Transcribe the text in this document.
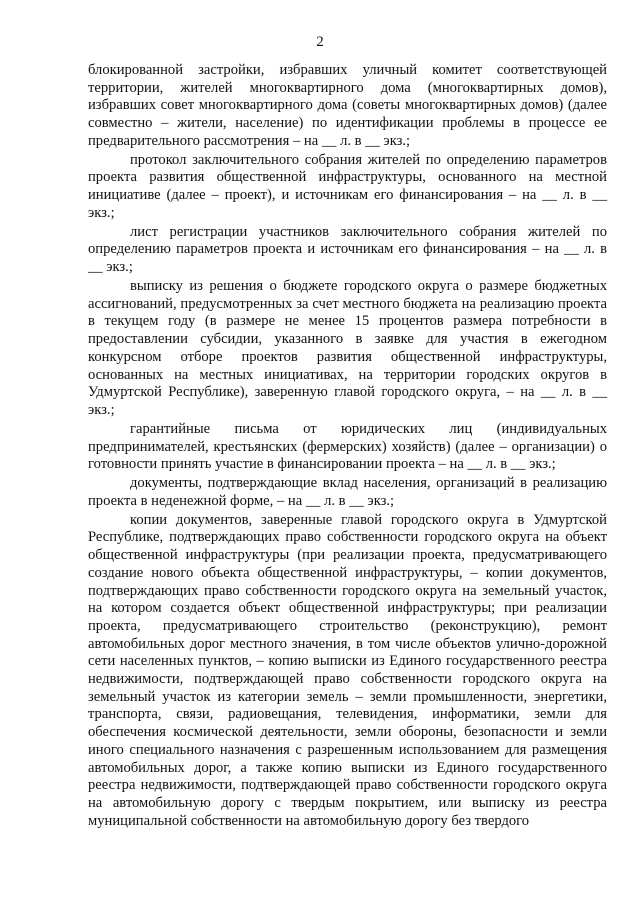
2

блокированной застройки, избравших уличный комитет соответствующей территории, жителей многоквартирного дома (многоквартирных домов), избравших совет многоквартирного дома (советы многоквартирных домов) (далее совместно – жители, население) по идентификации проблемы в процессе ее предварительного рассмотрения – на __ л. в __ экз.;

протокол заключительного собрания жителей по определению параметров проекта развития общественной инфраструктуры, основанного на местной инициативе (далее – проект), и источникам его финансирования – на __ л. в __ экз.;

лист регистрации участников заключительного собрания жителей по определению параметров проекта и источникам его финансирования – на __ л. в __ экз.;

выписку из решения о бюджете городского округа о размере бюджетных ассигнований, предусмотренных за счет местного бюджета на реализацию проекта в текущем году (в размере не менее 15 процентов размера потребности в предоставлении субсидии, указанного в заявке для участия в ежегодном конкурсном отборе проектов развития общественной инфраструктуры, основанных на местных инициативах, на территории городских округов в Удмуртской Республике), заверенную главой городского округа, – на __ л. в __ экз.;

гарантийные письма от юридических лиц (индивидуальных предпринимателей, крестьянских (фермерских) хозяйств) (далее – организации) о готовности принять участие в финансировании проекта – на __ л. в __ экз.;

документы, подтверждающие вклад населения, организаций в реализацию проекта в неденежной форме, – на __ л. в __ экз.;

копии документов, заверенные главой городского округа в Удмуртской Республике, подтверждающих право собственности городского округа на объект общественной инфраструктуры (при реализации проекта, предусматривающего создание нового объекта общественной инфраструктуры, – копии документов, подтверждающих право собственности городского округа на земельный участок, на котором создается объект общественной инфраструктуры; при реализации проекта, предусматривающего строительство (реконструкцию), ремонт автомобильных дорог местного значения, в том числе объектов улично-дорожной сети населенных пунктов, – копию выписки из Единого государственного реестра недвижимости, подтверждающей право собственности городского округа на земельный участок из категории земель – земли промышленности, энергетики, транспорта, связи, радиовещания, телевидения, информатики, земли для обеспечения космической деятельности, земли обороны, безопасности и земли иного специального назначения с разрешенным использованием для размещения автомобильных дорог, а также копию выписки из Единого государственного реестра недвижимости, подтверждающей право собственности городского округа на автомобильную дорогу с твердым покрытием, или выписку из реестра муниципальной собственности на автомобильную дорогу без твердого
